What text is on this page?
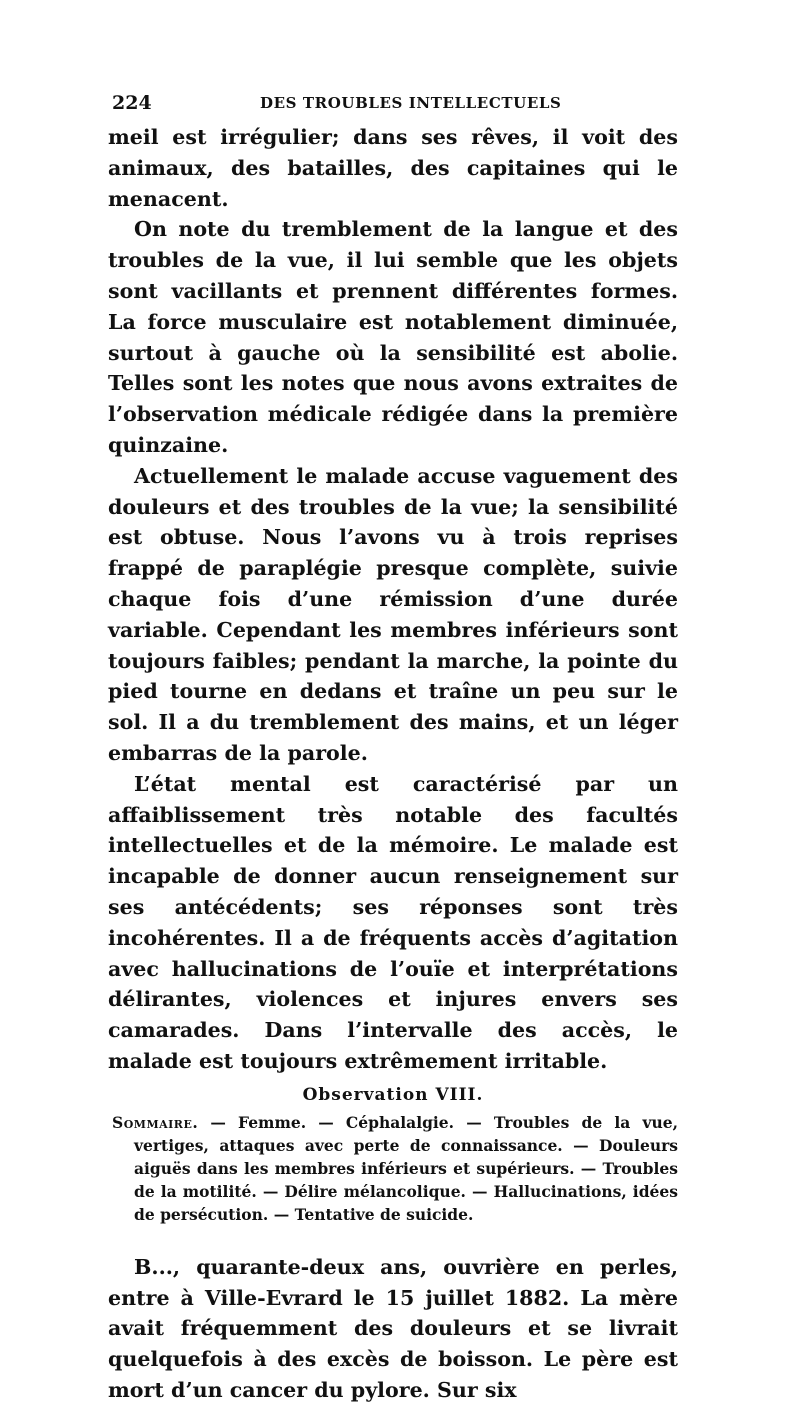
224	DES TROUBLES INTELLECTUELS

meil est irrégulier; dans ses rêves, il voit des animaux, des batailles, des capitaines qui le menacent.

On note du tremblement de la langue et des troubles de la vue, il lui semble que les objets sont vacillants et prennent différentes formes. La force musculaire est notablement diminuée, surtout à gauche où la sensibilité est abolie. Telles sont les notes que nous avons extraites de l’observation médicale rédigée dans la première quinzaine.

Actuellement le malade accuse vaguement des douleurs et des troubles de la vue; la sensibilité est obtuse. Nous l’avons vu à trois reprises frappé de paraplégie presque complète, suivie chaque fois d’une rémission d’une durée variable. Cependant les membres inférieurs sont toujours faibles; pendant la marche, la pointe du pied tourne en dedans et traîne un peu sur le sol. Il a du tremblement des mains, et un léger embarras de la parole.

L’état mental est caractérisé par un affaiblissement très notable des facultés intellectuelles et de la mémoire. Le malade est incapable de donner aucun renseignement sur ses antécédents; ses réponses sont très incohérentes. Il a de fréquents accès d’agitation avec hallucinations de l’ouïe et interprétations délirantes, violences et injures envers ses camarades. Dans l’intervalle des accès, le malade est toujours extrêmement irritable.

Observation VIII.

Sommaire. — Femme. — Céphalalgie. — Troubles de la vue, vertiges, attaques avec perte de connaissance. — Douleurs aiguës dans les membres inférieurs et supérieurs. — Troubles de la motilité. — Délire mélancolique. — Hallucinations, idées de persécution. — Tentative de suicide.

B..., quarante-deux ans, ouvrière en perles, entre à Ville-Evrard le 15 juillet 1882. La mère avait fréquemment des douleurs et se livrait quelquefois à des excès de boisson. Le père est mort d’un cancer du pylore. Sur six
